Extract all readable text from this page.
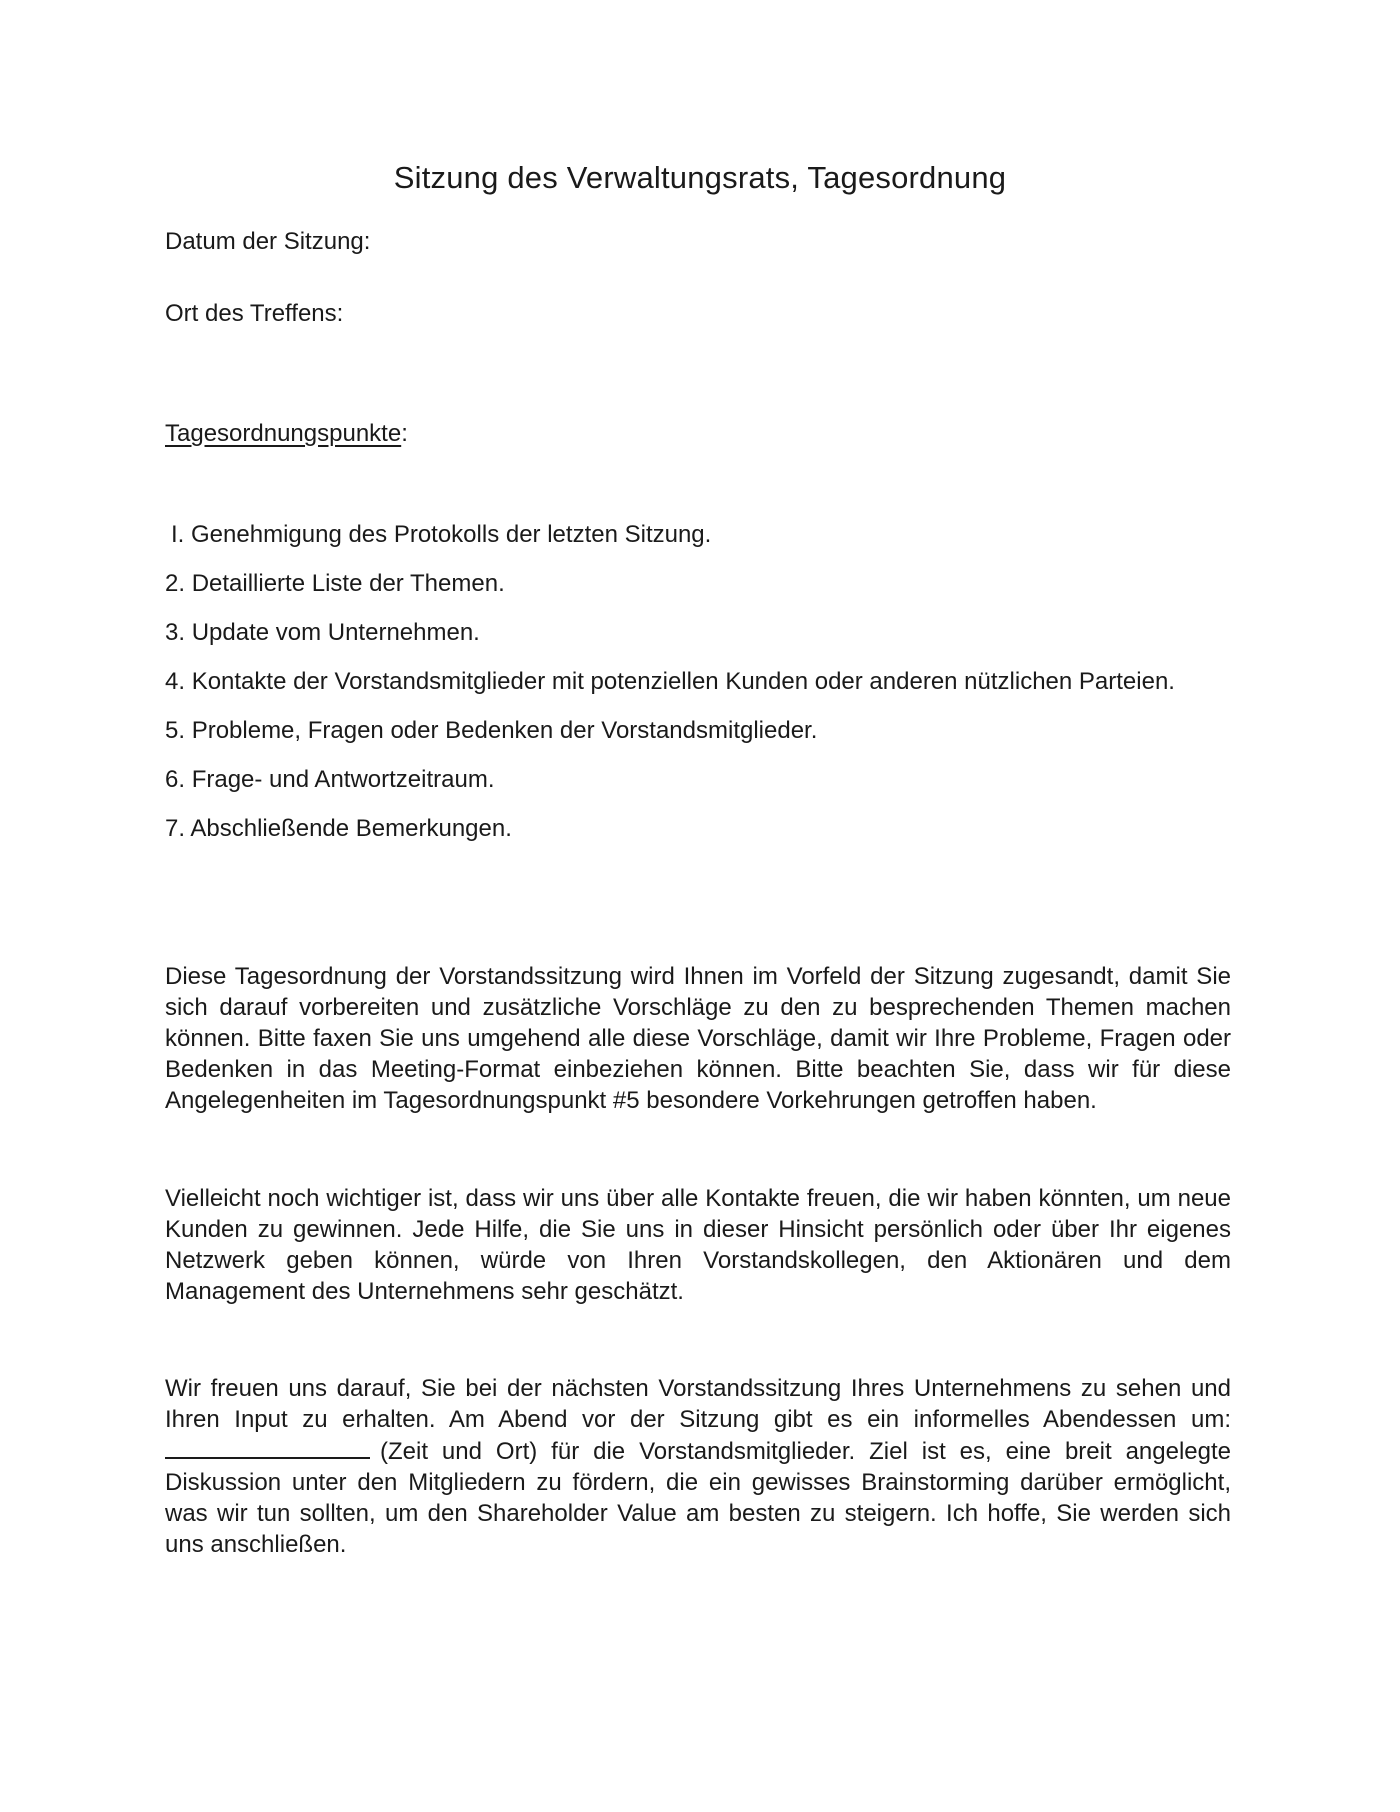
Sitzung des Verwaltungsrats, Tagesordnung
Datum der Sitzung:
Ort des Treffens:
Tagesordnungspunkte:
I. Genehmigung des Protokolls der letzten Sitzung.
2. Detaillierte Liste der Themen.
3. Update vom Unternehmen.
4. Kontakte der Vorstandsmitglieder mit potenziellen Kunden oder anderen nützlichen Parteien.
5. Probleme, Fragen oder Bedenken der Vorstandsmitglieder.
6. Frage- und Antwortzeitraum.
7. Abschließende Bemerkungen.

Diese Tagesordnung der Vorstandssitzung wird Ihnen im Vorfeld der Sitzung zugesandt, damit Sie sich darauf vorbereiten und zusätzliche Vorschläge zu den zu besprechenden Themen machen können. Bitte faxen Sie uns umgehend alle diese Vorschläge, damit wir Ihre Probleme, Fragen oder Bedenken in das Meeting-Format einbeziehen können. Bitte beachten Sie, dass wir für diese Angelegenheiten im Tagesordnungspunkt #5 besondere Vorkehrungen getroffen haben.

Vielleicht noch wichtiger ist, dass wir uns über alle Kontakte freuen, die wir haben könnten, um neue Kunden zu gewinnen. Jede Hilfe, die Sie uns in dieser Hinsicht persönlich oder über Ihr eigenes Netzwerk geben können, würde von Ihren Vorstandskollegen, den Aktionären und dem Management des Unternehmens sehr geschätzt.

Wir freuen uns darauf, Sie bei der nächsten Vorstandssitzung Ihres Unternehmens zu sehen und Ihren Input zu erhalten. Am Abend vor der Sitzung gibt es ein informelles Abendessen um: (Zeit und Ort) für die Vorstandsmitglieder. Ziel ist es, eine breit angelegte Diskussion unter den Mitgliedern zu fördern, die ein gewisses Brainstorming darüber ermöglicht, was wir tun sollten, um den Shareholder Value am besten zu steigern. Ich hoffe, Sie werden sich uns anschließen.
